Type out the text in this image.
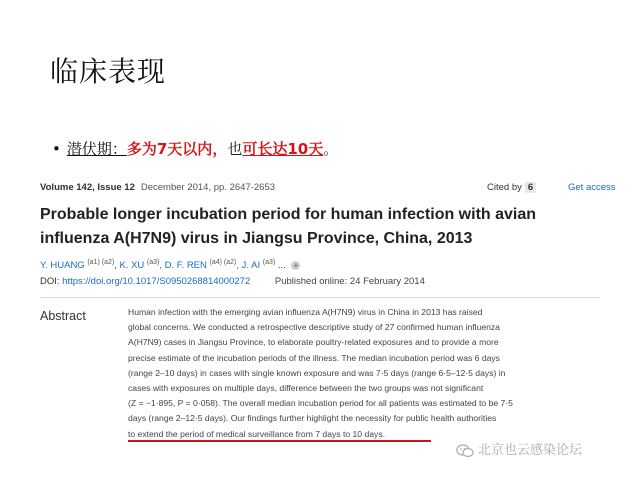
临床表现
• 潜伏期：多为7天以内，也可长达10天。
Volume 142, Issue 12 December 2014, pp. 2647-2653	Cited by 6	Get access
Probable longer incubation period for human infection with avian influenza A(H7N9) virus in Jiangsu Province, China, 2013
Y. HUANG $^{(a1) (a2)}$, K. XU $^{(a3)}$, D. F. REN $^{(a4) (a2)}$, J. AI $^{(a3)}$ ... +
DOI: https://doi.org/10.1017/S0950268814000272	Published online: 24 February 2014
Abstract	Human infection with the emerging avian influenza A(H7N9) virus in China in 2013 has raised
global concerns. We conducted a retrospective descriptive study of 27 confirmed human influenza
A(H7N9) cases in Jiangsu Province, to elaborate poultry-related exposures and to provide a more
precise estimate of the incubation periods of the illness. The median incubation period was 6 days
(range 2–10 days) in cases with single known exposure and was 7·5 days (range 6·5–12·5 days) in
cases with exposures on multiple days, difference between the two groups was not significant
(Z = −1·895, P = 0·058). The overall median incubation period for all patients was estimated to be 7·5
days (range 2–12·5 days). Our findings further highlight the necessity for public health authorities
to extend the period of medical surveillance from 7 days to 10 days.
北京也云感染论坛
